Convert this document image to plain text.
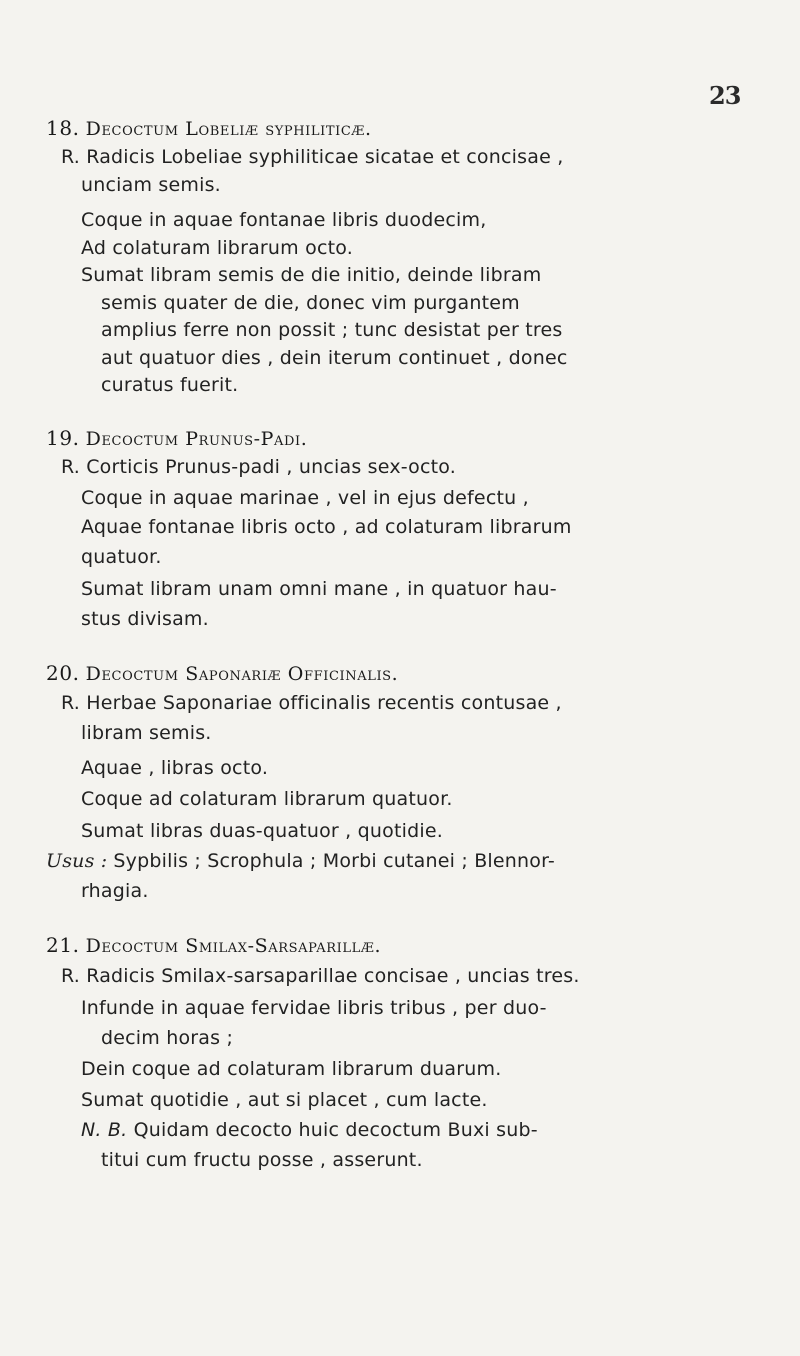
23
18. Decoctum Lobeliæ syphiliticæ.
R. Radicis Lobeliae syphiliticae sicatae et concisae ,
unciam semis.
Coque in aquae fontanae libris duodecim,
Ad colaturam librarum octo.
Sumat libram semis de die initio, deinde libram
semis quater de die, donec vim purgantem
amplius ferre non possit ; tunc desistat per tres
aut quatuor dies , dein iterum continuet , donec
curatus fuerit.
19. Decoctum Prunus-Padi.
R. Corticis Prunus-padi , uncias sex-octo.
Coque in aquae marinae , vel in ejus defectu ,
Aquae fontanae libris octo , ad colaturam librarum
quatuor.
Sumat libram unam omni mane , in quatuor hau-
stus divisam.
20. Decoctum Saponariæ Officinalis.
R. Herbae Saponariae officinalis recentis contusae ,
libram semis.
Aquae , libras octo.
Coque ad colaturam librarum quatuor.
Sumat libras duas-quatuor , quotidie.
Usus : Sypbilis ; Scrophula ; Morbi cutanei ; Blennor-
rhagia.
21. Decoctum Smilax-Sarsaparillæ.
R. Radicis Smilax-sarsaparillae concisae , uncias tres.
Infunde in aquae fervidae libris tribus , per duo-
decim horas ;
Dein coque ad colaturam librarum duarum.
Sumat quotidie , aut si placet , cum lacte.
N. B. Quidam decocto huic decoctum Buxi sub-
titui cum fructu posse , asserunt.
